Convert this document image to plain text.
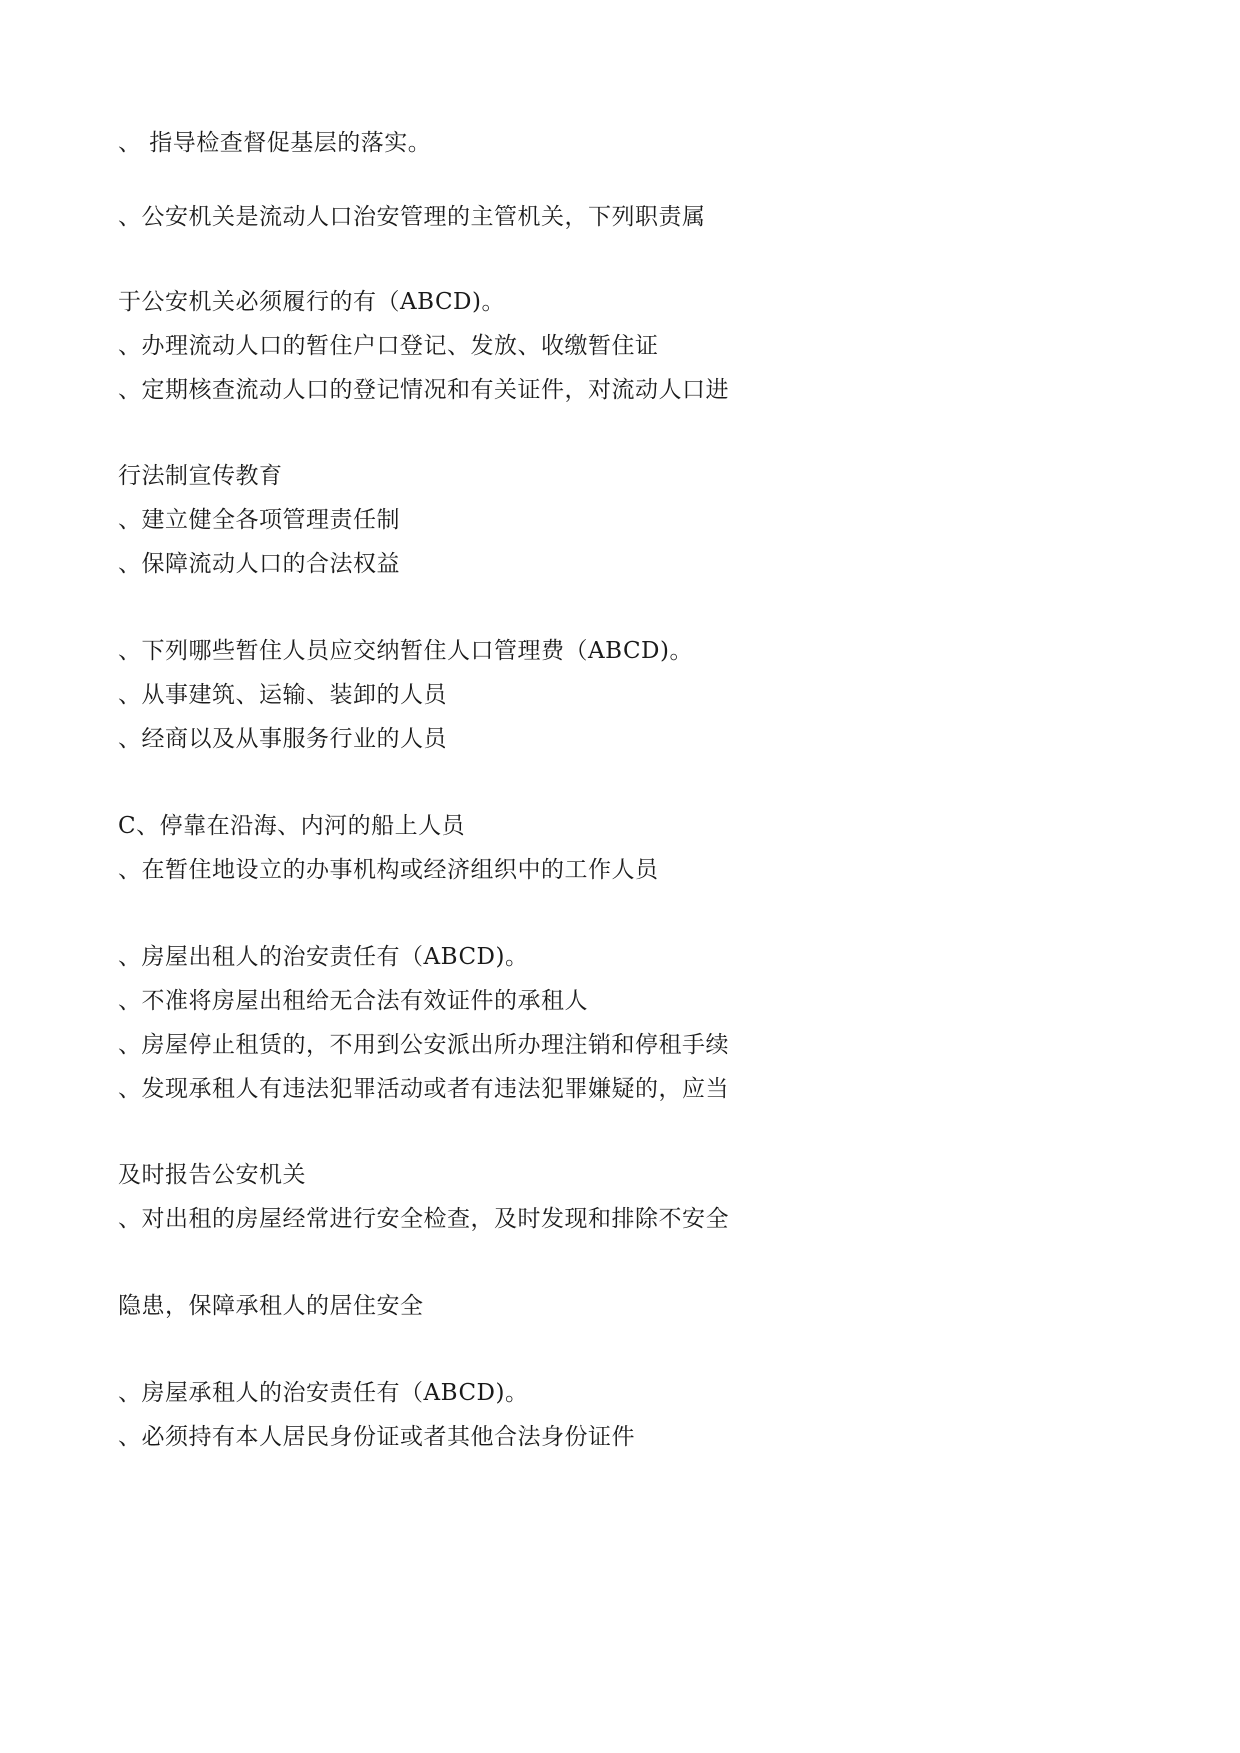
、 指导检查督促基层的落实。
、公安机关是流动人口治安管理的主管机关，下列职责属
于公安机关必须履行的有（ABCD)。
、办理流动人口的暂住户口登记、发放、收缴暂住证
、定期核查流动人口的登记情况和有关证件，对流动人口进
行法制宣传教育
、建立健全各项管理责任制
、保障流动人口的合法权益
、下列哪些暂住人员应交纳暂住人口管理费（ABCD)。
、从事建筑、运输、装卸的人员
、经商以及从事服务行业的人员
C、停靠在沿海、内河的船上人员
、在暂住地设立的办事机构或经济组织中的工作人员
、房屋出租人的治安责任有（ABCD)。
、不准将房屋出租给无合法有效证件的承租人
、房屋停止租赁的，不用到公安派出所办理注销和停租手续
、发现承租人有违法犯罪活动或者有违法犯罪嫌疑的，应当
及时报告公安机关
、对出租的房屋经常进行安全检查，及时发现和排除不安全
隐患，保障承租人的居住安全
、房屋承租人的治安责任有（ABCD)。
、必须持有本人居民身份证或者其他合法身份证件
